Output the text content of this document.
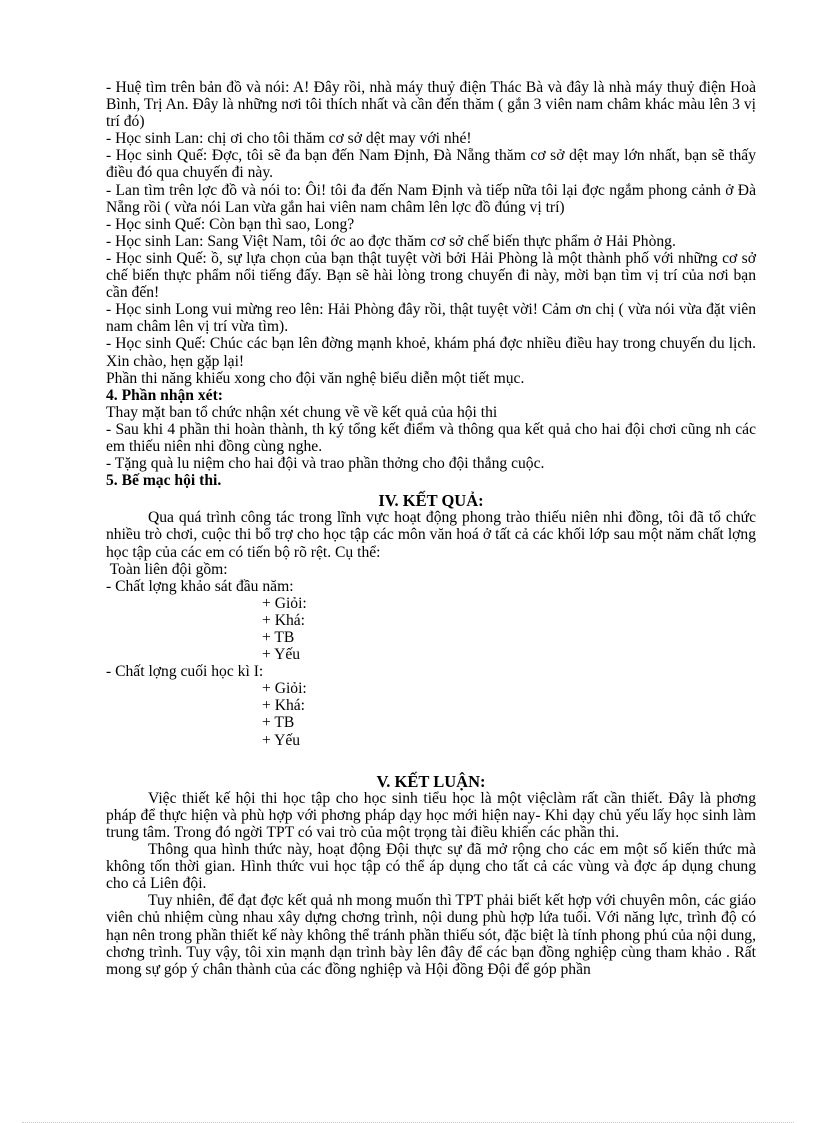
- Huệ tìm trên bản đồ và nói: A! Đây rồi, nhà máy thuỷ điện Thác Bà và đây là nhà máy thuỷ điện Hoà Bình, Trị An. Đây là những nơi tôi thích nhất và cần đến thăm ( gắn 3 viên nam châm khác màu lên 3 vị trí đó)

- Học sinh Lan: chị ơi cho tôi thăm cơ sở dệt may với nhé!

- Học sinh Quế: Đợc, tôi sẽ đa bạn đến Nam Định, Đà Nẵng thăm cơ sở dệt may lớn nhất, bạn sẽ thấy điều đó qua chuyến đi này.

- Lan tìm trên lợc đồ và nói to: Ôi! tôi đa đến Nam Định và tiếp nữa tôi lại đợc ngắm phong cảnh ở Đà Nẵng rồi ( vừa nói Lan vừa gắn hai viên nam châm lên lợc đồ đúng vị trí)

- Học sinh Quế: Còn bạn thì sao, Long?

- Học sinh Lan: Sang Việt Nam, tôi ớc ao đợc thăm cơ sở chế biến thực phẩm ở Hải Phòng.

- Học sinh Quế: ồ, sự lựa chọn của bạn thật tuyệt vời bởi Hải Phòng là một thành phố với những cơ sở chế biến thực phẩm nổi tiếng đấy. Bạn sẽ hài lòng trong chuyến đi này, mời bạn tìm vị trí của nơi bạn cần đến!

- Học sinh Long vui mừng reo lên: Hải Phòng đây rồi, thật tuyệt vời! Cảm ơn chị ( vừa nói vừa đặt viên nam châm lên vị trí vừa tìm).

- Học sinh Quế: Chúc các bạn lên đờng mạnh khoẻ, khám phá đợc nhiều điều hay trong chuyến du lịch. Xin chào, hẹn gặp lại!

Phần thi năng khiếu xong cho đội văn nghệ biểu diễn một tiết mục.

4. Phần nhận xét:

Thay mặt ban tổ chức nhận xét chung về về kết quả của hội thi

- Sau khi 4 phần thi hoàn thành, th ký tổng kết điểm và thông qua kết quả cho hai đội chơi cũng nh các em thiếu niên nhi đồng cùng nghe.

- Tặng quà lu niệm cho hai đội và trao phần thởng cho đội thắng cuộc.

5. Bế mạc hội thi.

IV. KẾT QUẢ:

Qua quá trình công tác trong lĩnh vực hoạt động phong trào thiếu niên nhi đồng, tôi đã tổ chức nhiều trò chơi, cuộc thi bổ trợ cho học tập các môn văn hoá ở tất cả các khối lớp sau một năm chất lợng học tập của các em có tiến bộ rõ rệt. Cụ thể:

Toàn liên đội gồm:

- Chất lợng khảo sát đầu năm:

+ Giỏi:

+ Khá:

+ TB

+ Yếu

- Chất lợng cuối học kì I:

+ Giỏi:

+ Khá:

+ TB

+ Yếu

V. KẾT LUẬN:

Việc thiết kế hội thi học tập cho học sinh tiểu học là một việclàm rất cần thiết. Đây là phơng pháp để thực hiện và phù hợp với phơng pháp dạy học mới hiện nay- Khi dạy chủ yếu lấy học sinh làm trung tâm. Trong đó ngời TPT có vai trò của một trọng tài điều khiển các phần thi.

Thông qua hình thức này, hoạt động Đội thực sự đã mở rộng cho các em một số kiến thức mà không tốn thời gian. Hình thức vui học tập có thể áp dụng cho tất cả các vùng và đợc áp dụng chung cho cả Liên đội.

Tuy nhiên, để đạt đợc kết quả nh mong muốn thì TPT phải biết kết hợp với chuyên môn, các giáo viên chủ nhiệm cùng nhau xây dựng chơng trình, nội dung phù hợp lứa tuổi. Với năng lực, trình độ có hạn nên trong phần thiết kế này không thể tránh phần thiếu sót, đặc biệt là tính phong phú của nội dung, chơng trình. Tuy vậy, tôi xin mạnh dạn trình bày lên đây để các bạn đồng nghiệp cùng tham khảo . Rất mong sự góp ý chân thành của các đồng nghiệp và Hội đồng Đội để góp phần
